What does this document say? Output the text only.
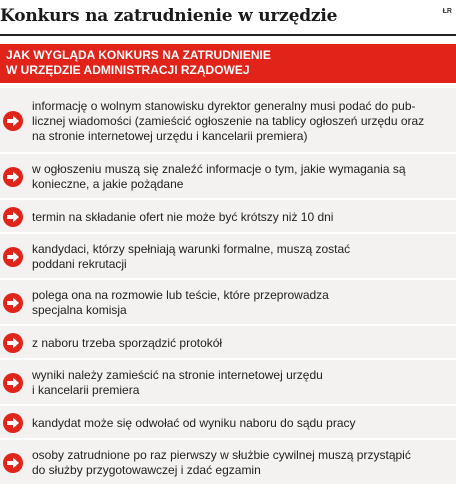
Konkurs na zatrudnienie w urzędzie	ŁR
JAK WYGLĄDA KONKURS NA ZATRUDNIENIE
W URZĘDZIE ADMINISTRACJI RZĄDOWEJ
informację o wolnym stanowisku dyrektor generalny musi podać do pub-
licznej wiadomości (zamieścić ogłoszenie na tablicy ogłoszeń urzędu oraz
na stronie internetowej urzędu i kancelarii premiera)
w ogłoszeniu muszą się znaleźć informacje o tym, jakie wymagania są
konieczne, a jakie pożądane
termin na składanie ofert nie może być krótszy niż 10 dni
kandydaci, którzy spełniają warunki formalne, muszą zostać
poddani rekrutacji
polega ona na rozmowie lub teście, które przeprowadza
specjalna komisja
z naboru trzeba sporządzić protokół
wyniki należy zamieścić na stronie internetowej urzędu
i kancelarii premiera
kandydat może się odwołać od wyniku naboru do sądu pracy
osoby zatrudnione po raz pierwszy w służbie cywilnej muszą przystąpić
do służby przygotowawczej i zdać egzamin
